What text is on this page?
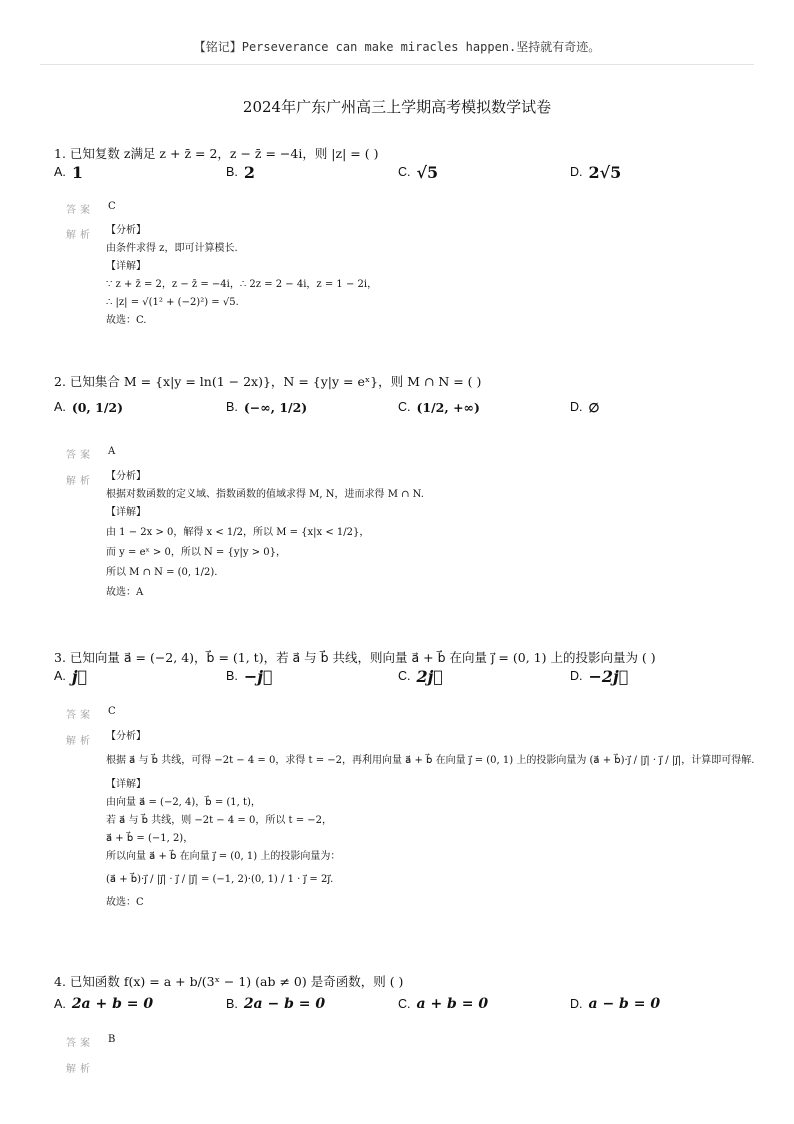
【铭记】Perseverance can make miracles happen.坚持就有奇迹。
2024年广东广州高三上学期高考模拟数学试卷
1. 已知复数 z满足 z + z̄ = 2，z − z̄ = −4i，则 |z| = ( )
A. 1	B. 2	C. √5	D. 2√5
答案 C
解析 【分析】
由条件求得 z，即可计算模长.
【详解】
∵ z + z̄ = 2，z − z̄ = −4i，∴ 2z = 2 − 4i，z = 1 − 2i，
∴ |z| = √(1² + (−2)²) = √5.
故选：C.
2. 已知集合 M = {x|y = ln(1 − 2x)}，N = {y|y = eˣ}，则 M ∩ N = ( )
A. (0, 1/2)	B. (−∞, 1/2)	C. (1/2, +∞)	D. ∅
答案 A
解析 【分析】
根据对数函数的定义域、指数函数的值域求得 M, N，进而求得 M ∩ N.
【详解】
由 1 − 2x > 0，解得 x < 1/2，所以 M = {x|x < 1/2}，
而 y = eˣ > 0，所以 N = {y|y > 0}，
所以 M ∩ N = (0, 1/2).
故选：A
3. 已知向量 a⃗ = (−2, 4)，b⃗ = (1, t)，若 a⃗ 与 b⃗ 共线，则向量 a⃗ + b⃗ 在向量 j⃗ = (0, 1) 上的投影向量为 ( )
A. j⃗	B. −j⃗	C. 2j⃗	D. −2j⃗
答案 C
解析 【分析】
根据 a⃗ 与 b⃗ 共线，可得 −2t − 4 = 0，求得 t = −2，再利用向量 a⃗ + b⃗ 在向量 j⃗ = (0, 1) 上的投影向量为 (a⃗ + b⃗)·j⃗ / |j⃗| · j⃗ / |j⃗|，计算即可得解.
【详解】
由向量 a⃗ = (−2, 4)，b⃗ = (1, t)，
若 a⃗ 与 b⃗ 共线，则 −2t − 4 = 0，所以 t = −2，
a⃗ + b⃗ = (−1, 2)，
所以向量 a⃗ + b⃗ 在向量 j⃗ = (0, 1) 上的投影向量为：
(a⃗ + b⃗)·j⃗ / |j⃗| · j⃗ / |j⃗| = (−1, 2)·(0, 1) / 1 · j⃗ = 2j⃗.
故选：C
4. 已知函数 f(x) = a + b/(3ˣ − 1) (ab ≠ 0) 是奇函数，则 ( )
A. 2a + b = 0	B. 2a − b = 0	C. a + b = 0	D. a − b = 0
答案 B
解析
